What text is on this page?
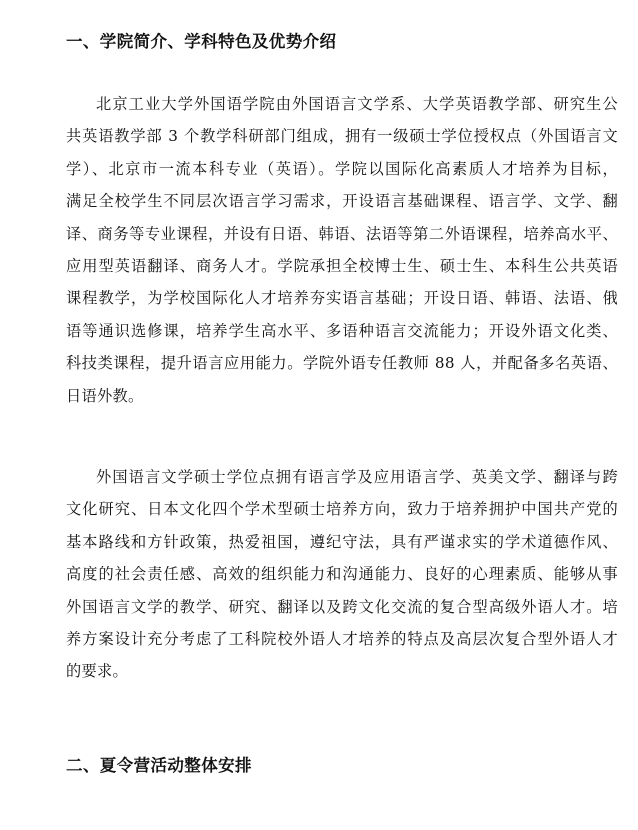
一、学院简介、学科特色及优势介绍
北京工业大学外国语学院由外国语言文学系、大学英语教学部、研究生公
共英语教学部 3 个教学科研部门组成，拥有一级硕士学位授权点（外国语言文
学）、北京市一流本科专业（英语）。学院以国际化高素质人才培养为目标，
满足全校学生不同层次语言学习需求，开设语言基础课程、语言学、文学、翻
译、商务等专业课程，并设有日语、韩语、法语等第二外语课程，培养高水平、
应用型英语翻译、商务人才。学院承担全校博士生、硕士生、本科生公共英语
课程教学，为学校国际化人才培养夯实语言基础；开设日语、韩语、法语、俄
语等通识选修课，培养学生高水平、多语种语言交流能力；开设外语文化类、
科技类课程，提升语言应用能力。学院外语专任教师 88 人，并配备多名英语、
日语外教。
外国语言文学硕士学位点拥有语言学及应用语言学、英美文学、翻译与跨
文化研究、日本文化四个学术型硕士培养方向，致力于培养拥护中国共产党的
基本路线和方针政策，热爱祖国，遵纪守法，具有严谨求实的学术道德作风、
高度的社会责任感、高效的组织能力和沟通能力、良好的心理素质、能够从事
外国语言文学的教学、研究、翻译以及跨文化交流的复合型高级外语人才。培
养方案设计充分考虑了工科院校外语人才培养的特点及高层次复合型外语人才
的要求。
二、夏令营活动整体安排
